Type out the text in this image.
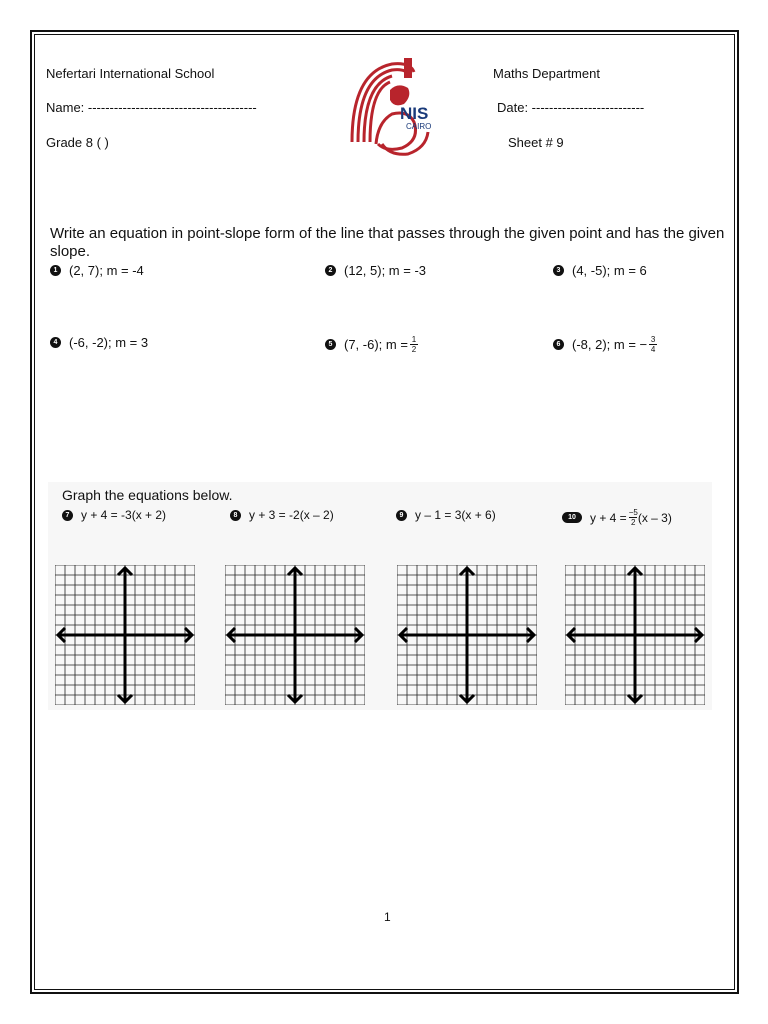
Nefertari International School
Name: ---------------------------------------
Grade 8 ( )
Maths Department
Date: --------------------------
Sheet # 9
NIS
CAIRO
Write an equation in point-slope form of the line that passes through the given point and has the given slope.
1 (2, 7); m = -4	2 (12, 5); m = -3	3 (4, -5); m = 6
4 (-6, -2); m = 3	5 (7, -6); $m = \frac{1}{2}$	6 (-8, 2); m = − $\frac{3}{4}$
Graph the equations below.
7 y + 4 = -3(x + 2)	8 y + 3 = -2(x – 2)	9 y – 1 = 3(x + 6)	10	$y + 4 = \frac{-5}{2} (x - 3)$
1
